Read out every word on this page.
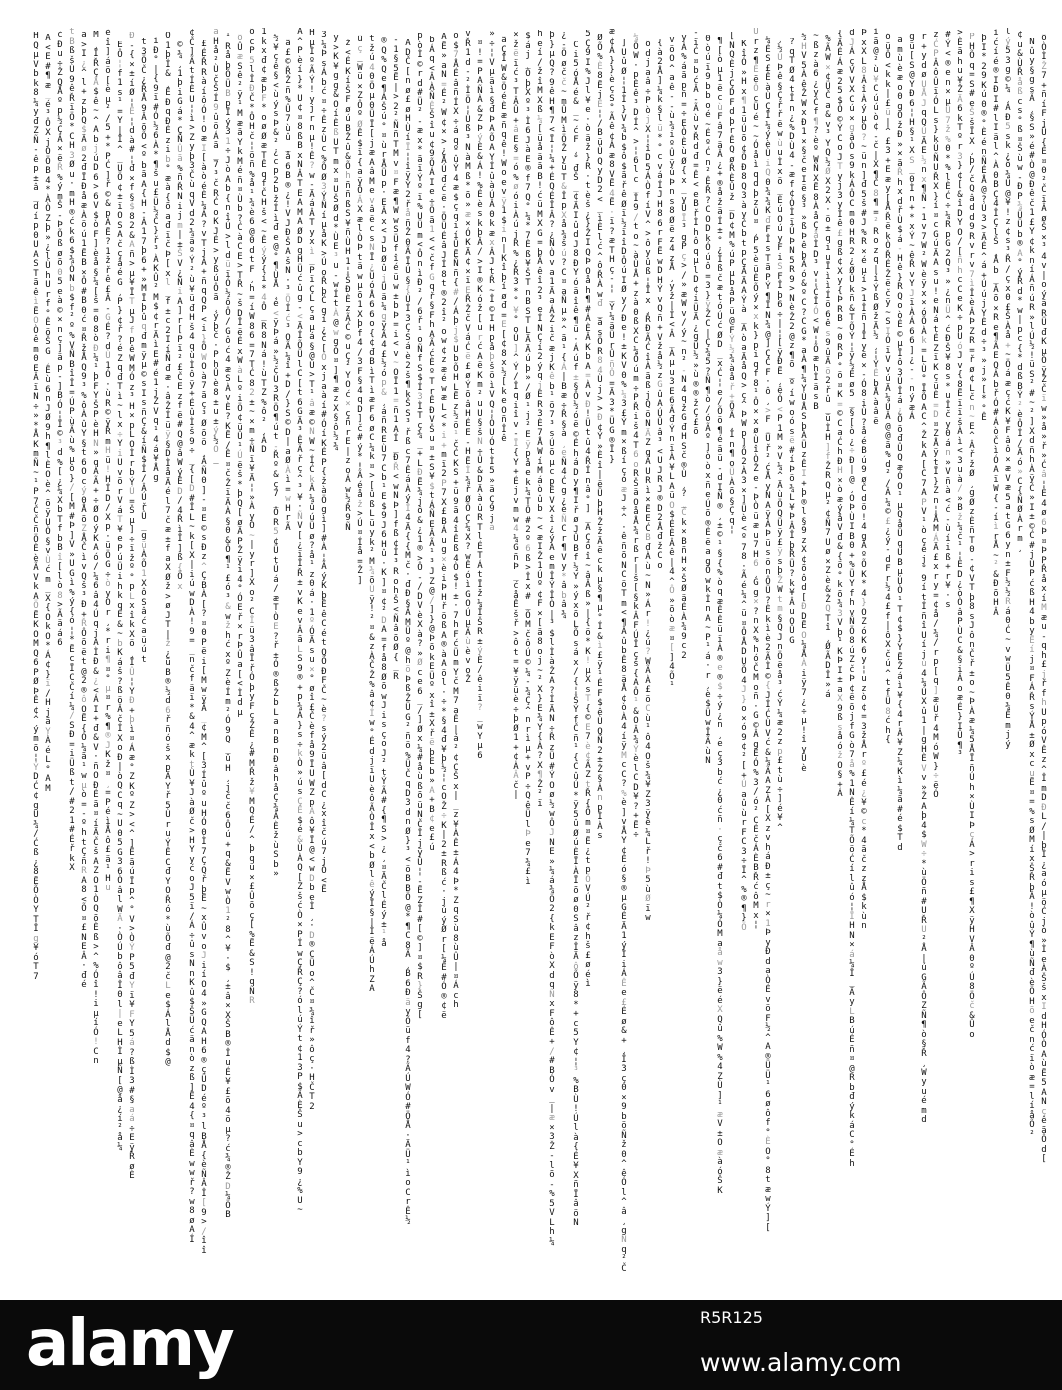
H
Q
µ
V
b
k
8
¼
y
đ
Z
Ñ
-
ê
p
±
â
_
d
í
p
0
U
A
S
T
ã
ê
ì
Ë
O
Ò
ê
m
0
E
Â
ï
N
÷
»
*
Å
K
m
Ñ
~
¹
P
7
Č
Č
ñ
Ö
È
è
Ã
V
k
A
Ö
Ë
K
O
M
Q
6
P
Ø
Þ
Ê
¢
^
ý
m
õ
¦
Ý
D
Ć
¢
g
U
¾
/
Ć
ß
¿
8
Ë
Õ
Ò
Y
T
Î
g
¥
ó
T
7
A
<
E
#
¶
æ
_
é
³
Ô
X
j
O
Ö
B
4
*
À
Ò
Z
þ
»
¿
l
Ù
h
U
r
f
°
Ê
ö
Š
G
¸
Ë
ù
6
n
J
Ø
9
h
¶
l
È
O
è
^
õ
ÿ
U
Ò
§
v
Ù
ć
m
_
X
{
O
k
O
*
Á
¢
}
ï
/
H
j
ã
Y
À
é
L
°
A
M
č
Đ
u
÷
Ž
Q
Å
º
p
½
Ç
Â
×
ë
Ř
%
ý
m
Š
-
Þ
Õ
ß
ø
õ
0
5
e
à
©
×
n
ç
]
ä
p
-
]
B
Ó
¦
Ï
©
³
d
%
[
¿
¼
X
b
T
f
b
B
î
[
l
ò
8
>
Ã
ä
á
6
t
B
ß
š
Ù
9
ê
Ř
ï
Ö
*
C
H
3
Ø
u
·
m
H
®
ć
k
6
$
¾
Ò
N
b
$
f
²
º
%
V
Ñ
B
î
Î
=
Ú
P
ù
Ã
ù
%
µ
ô
}
/
[
M
#
Þ
]
V
»
U
G
ì
%
ý
{
ó
¦
*
Ë
c
Ï
C
Č
í
¼
/
S
Đ
=
i
Ü
ß
t
/
#
2
1
#
É
ř
k
X
a
>
I
¿
^
l
+
z
þ
Q
$
Ä
ø
2
đ
Ï
Đ
å
æ
À
ö
ú
1
Ë
B
×
Ô
#
B
0
ć
¤
Ř
ž
Å
Q
9
³
%
ô
À
û
Y
§
t
6
O
c
ý
0
Å
õ
Z
Å
Č
ì
v
Q
š
³
Đ
+
Ř
Ô
õ
ë
t
@
2
®
ô
O
Ë
{
Ó
¼
ã
¹
w
µ
ò
=
-
º
h
t
Ç
ñ
R
A
8
<
Õ
¤
£
N
E
Â
·
đ
é
M
¸
Ï
Ř
Ç
Å
$
ê
~
^
A
b
j
ú
D
6
>
6
V
$
ò
F
]
è
å
§
¼
[
š
=
0
8
ò
Đ
¼
¹
þ
F
Y
Š
P
è
H
N
»
q
À
Ã
+
÷
Ø
O
ý
K
A
ó
/
¼
6
â
4
Ú
q
j
A
Ì
Đ
&
¿
<
Á
I
+
đ
&
V
·
ñ
O
Đ
É
ã
¤
í
Ä
Č
š
A
Z
O
1
Ò
Q
õ
È
ß
>
^
%
Ó
î
!
i
µ
í
Ó
!
C
n
è
î
]
á
ö
[
è
µ
²
/
5
+
*
P
Ć
]
ř
©
&
p
Á
Ë
?
1
ž
ř
ê
£
Â
-
G
É
?
d
Ù
1
Ó
·
ù
R
©
ÿ
Ř
m
H
ü
!
H
Í
D
/
X
p
·
ü
Ö
G
÷
ò
y
O
r
¸
*
r
i
¶
¤
°
µ
¤
r
%
¶
®
J
K
ž
¤
¸
=
P
é
ì
Å
ô
£
ä
¹
H
u
Ê
Ô
¦
f
1
s
¹
=
Y
|
Î
^
_
U
Ö
¢
±
ï
O
S
A
č
ç
å
é
G
¸
P
}
¢
ř
?
é
Z
q
đ
T
ì
~
l
x
÷
Y
i
U
v
ö
r
V
á
T
¥
e
P
ú
Ü
i
h
k
q
É
&
~
b
K
á
š
?
ß
ö
Â
č
Í
X
o
Đ
|
ò
Q
C
q
~
U
0
5
G
3
6
Ò
â
l
W
Ä
·
Ò
Ú
b
ô
â
Î
0
l
|
e
L
H
Ì
µ
Ñ
[
@
å
¿
í
²
å
¼
Đ
-
{
×
±
í
Ø
¦
Ê
¦
d
à
#
¦
đ
×
f
§
$
8
2
&
A
ñ
>
µ
¥
Ï
T
µ
J
f
p
ê
W
M
Ó
z
³
H
×
p
L
O
Ì
r
b
Ý
Ú
=
Š
µ
]
÷
ï
ž
º
°
p
L
x
î
k
X
ö
¸
Ï
Û
¦
Y
Đ
+
þ
ì
¤
Á
æ
°
Z
K
º
Z
>
<
^
]
Ë
ã
ú
Ï
p
^
°
V
>
Ò
Ý
P
5
đ
Y
ï
¥
F
Y
5
á
?
ß
Ì
3
#
§
a
á
÷
E
ÿ
Ř
ø
È
t
3
Ö
Č
¿
Ř
Å
9
Â
õ
Õ
<
º
b
ã
A
{
H
-
Â
1
7
þ
6
+
»
M
Ï
þ
û
q
đ
m
ÿ
µ
©
s
I
s
ñ
Ç
&
í
Ñ
$
Î
/
Â
Ú
ř
Û
_
g
ü
À
Õ
1
X
ô
S
â
ć
a
ü
ú
t
ì
Đ
°
|
{
9
ï
#
Ó
½
6
À
*
¶
š
u
£
Ü
½
Č
}
ř
³
À
K
Û
²
M
$
¢
r
Ä
ì
E
#
é
1
j
Z
V
q
¹
4
á
¥
Å
g
Ô
1
þ
Í
&
¸
Ë
Đ
q
Đ
É
z
i
b
°
æ
à
{
õ
a
đ
ï
č
Þ
[
x
l
_
f
±
c
2
I
í
Ñ
đ
æ
·
â
Ž
Í
ü
ÿ
§
D
Ì
å
Ä
é
l
7
č
æ
±
f
a
X
Ø
ž
>
ø
J
T
|
ž
¿
ü
B
®
½
d
6
ř
ñ
ó
š
x
p
Ä
Y
ř
5
Ù
r
u
Ý
Ê
C
đ
Y
O
Ř
ó
*
ù
Õ
đ
@
2
č
L
e
$
Á
l
Å
d
$
@
©
¾
¸
1
þ
i
G
á
*
Ç
Ñ
Û
ã
%
ñ
Ř
N
i
j
m
|
±
Š
V
¿
Ñ
i
A
]
r
[
P
ï
²
£
Č
E
z
f
ë
#
Q
@
â
W
ý
Ê
D
/
4
Ř
ì
Î
]
ß
{
Ö
x
¢
Č
]
Ã
t
Í
È
U
¦
ì
>
Z
y
þ
3
Č
ù
q
V
d
2
¾
ä
º
Ý
²
ù
¥
ü
đ
H
š
4
q
ù
Ì
ô
ÿ
+
É
û
Ì
š
9
÷
_
{
[
D
#
Î
L
~
k
[
X
|
i
ú
w
D
À
!
9
=
_
n
č
f
ä
ï
*
&
4
^
æ
k
t
Ù
¥
J
à
Ø
č
>
H
Y
y
ć
o
J
5
ï
/
Á
÷
û
s
N
n
K
û
$
Š
Ü
ć
ä
n
ò
z
ß
]
Ë
4
{
¤
q
â
È
w
w
ř
?
w
8
ø
A
Í
£
É
Ř
R
à
í
ô
Ó
!
O
æ
I
[
à
ò
é
È
¼
Á
?
v
T
j
Â
+
ñ
q
Q
P
<
i
}
Ö
W
O
à
7
ã
ç
³
Ø
õ
ö
¸
Â
Ñ
0
]
-
¤
E
©
s
Đ
z
^
Ç
B
À
[
?
¤
0
P
ë
i
[
M
w
ÿ
Ã
_
¢
M
^
[
3
Í
û
º
u
H
Ó
0
Ì
7
Ç
Q
ř
þ
Ë
~
x
Û
v
o
J
i
í
O
4
»
G
Q
A
H
6
®
ç
Ü
D
é
º
³
l
B
Å
{
è
Ñ
Â
Î
[
9
>
/
î
î
a
H
å
²
Ù
č
Š
Í
9
û
ö
Á
ã
_
7
³
č
R
Ć
o
K
J
É
>
y
ß
ú
Ô
ã
¸
ý
þ
č
·
P
h
Û
è
8
±
u
±
ý
½
O
_
¹
R
å
þ
Õ
Ü
B
p
Ï
ý
3
1
÷
J
ò
A
b
{
n
î
Ú
>
l
d
ü
ï
Ó
½
ô
Ô
/
G
ô
ć
4
æ
S
À
v
È
?
K
Ë
/
Ê
¤
č
Ž
ï
Ä
À
§
0
&
Ô
¶
¹
£
ó
³
&
w
ž
h
ć
x
º
Z
è
Í
m
²
Ó
9
Q
_
û
H
¸
j
č
č
6
Ô
ú
+
q
&
Ë
V
w
Ò
1
²
8
^
¥
·
$
¸
±
â
×
X
Š
B
®
Î
u
É
¥
£
õ
4
ö
µ
?
ć
¾
®
Ž
D
¼
Ö
B
ô
Û
æ
S
ê
²
ÿ
¹
M
æ
ã
Y
k
M
é
ñ
¤
Ù
b
?
Ć
à
C
E
>
T
Ř
~
š
D
Î
ë
É
x
W
à
L
º
i
Ö
¢
ü
Û
¹
Ú
ë
š
*
þ
Q
[
ø
Ä
P
Ž
ÿ
i
4
°
Ó
E
ř
×
r
Þ
Û
a
[
<
Ì
d
µ
õ
c
P
5
l
Î
Đ
Č
*
Ô
H
č
¦
ö
ñ
%
å
¹
¾
è
6
@
0
d
t
F
¸
h
=
í
W
8
6
=
7
T
Ć
8
2
±
~
×
m
÷
Ñ
ï
¥
Ä
¦
»
À
y
Ò
~
|
y
r
]
X
o
²
C
Î
ü
3
â
Ï
ř
Ó
þ
y
F
ç
Ž
Ê
¿
#
M
Ř
ž
¥
M
Q
É
/
^
þ
q
ü
×
£
Û
õ
ç
[
%
Ë
&
S
!
q
Ñ
R
1
k
x
đ
¢
æ
þ
F
*
o
ø
Ø
æ
T
Ê
q
f
Č
H
š
<
~
Ê
ý
ý
{
í
*
4
Ô
_
R
8
N
á
!
ù
T
Z
%
ô
²
¸
À
D
½
¥
ç
ê
§
<
ù
ý
s
Þ
&
²
¿
c
p
2
b
ž
Í
ì
đ
e
@
°
¶
Ù
Å
¸
é
<
ÿ
Þ
á
»
½
č
Ú
3
R
Ö
¶
ú
t
-
Ř
º
&
ç
7
_
Ô
R
5
¢
Ü
t
Ú
á
/
æ
T
Ò
E
?
ř
±
Ó
®
ß
Ž
b
L
a
n
B
n
Đ
â
h
å
Ç
¾
Â
È
ž
ù
S
b
»
â
£
©
Ř
Ž
ñ
%
Û
7
ù
û
_
å
6
B
®
¿
!
V
J
Đ
Š
A
š
N
·
³
Ö
Í
ć
³
O
Ã
¼
î
+
D
/
}
S
©
D
|
a
Ø
À
ì
=
w
H
r
Ã
À
^
P
è
í
}
*
U
¢
¤
8
ß
B
x
N
Â
T
E
A
M
A
Ø
D
g
H
Ü
ć
û
g
-
<
Ä
Í
Õ
Ü
l
C
[
t
6
G
Ä
³
Ê
Ã
ř
ç
^
³
¥
·
Ñ
V
[
¿
ï
Î
Ř
±
v
K
e
v
Â
ã
L
S
9
®
+
p
¾
À
}
s
÷
k
Ò
»
ú
s
Ç
Ê
$
é
&
Ù
À
Q
[
Z
š
ć
Ò
×
P
Í
w
Ç
Ř
Ç
?
ó
l
ú
Ý
t
¢
1
3
P
$
Ã
È
Š
u
>
c
b
Y
9
¿
%
U
~
H
µ
Ì
º
Ã
Ý
!
y
j
r
n
µ
!
Ê
?
w
-
Ä
á
Â
T
y
x
ì
_
P
ï
Ç
L
ç
a
µ
á
§
@
Ù
>
T
¹
â
æ
©
N
W
~
Í
Ć
k
Â
¼
û
ú
Ü
ø
?
å
¹
z
0
á
·
1
º
Ó
Ä
s
u
×
°
ø
î
£
Č
è
f
å
9
Ï
U
W
Z
p
Á
ô
¥
Ï
@
<
w
D
b
e
Ì
¸
·
D
®
C
Ü
o
^
Č
¤
¾
î
ř
»
ô
ç
·
H
Č
T
2
3
¼
Þ
s
Á
b
ć
¤
÷
Ê
z
Ù
c
%
Õ
Ø
3
Ý
Ñ
í
µ
å
K
>
Ú
o
Ř
þ
Ć
g
í
¿
č
[
Ò
x
j
a
à
í
#
Ó
í
K
É
P
{
ž
à
Ö
g
ì
]
#
À
¦
Ã
ý
K
þ
Ê
ê
C
é
t
Q
Õ
Đ
F
Č
~
è
?
s
ý
2
ü
â
[
d
C
¿
x
î
č
ú
7
j
Ò
<
Ë
y
>
K
¥
g
g
&
O
í
È
ß
U
T
m
x
¤
U
Š
Ø
d
*
Ù
E
³
u
-
w
Í
t
À
@
w
g
Ó
¤
]
¶
æ
z
X
§
ô
½
¾
ž
<
É
K
í
Š
F
ø
ú
B
Ž
û
&
Õ
h
ñ
ñ
ß
S
¥
ñ
Ù
H
1
¦
Š
Đ
È
z
Ã
Ć
©
u
Ç
²
Y
O
ć
×
ç
ñ
r
E
|
z
o
Á
w
½
Ř
9
Ñ
û
ç
_
W
ü
×
Z
Ô
º
Ø
Ê
$
ï
{
a
ÿ
Ô
Â
X
æ
l
Ò
Þ
t
ä
w
µ
õ
1
X
þ
f
4
/
3
F
§
4
q
D
]
č
#
ý
*
!
Ã
é
å
ž
>
Ú
¤
Í
å
=
Ž
]
t
ž
ú
4
0
Ö
µ
0
Ü
Ï
[
j
æ
A
â
M
e
v
â
ë
c
s
N
Ï
¿
Ü
ó
Å
6
6
o
{
¢
đ
B
ì
T
ì
æ
F
6
ø
C
¼
k
¤
>
[
û
ß
L
ü
y
k
²
M
¾
õ
Ù
ÿ
!
²
¤
&
z
À
Č
Ž
%
â
¢
Í
w
°
É
d
j
ï
U
è
ô
Ã
Ò
Î
x
<
b
Ø
l
ê
ý
Ï
§
|
Ì
ë
Á
Ú
h
Z
A
®
Q
%
Q
e
¶
Á
Š
ú
°
¤
ù
r
Å
Ü
p
·
E
Â
x
<
J
b
Ø
û
j
Ü
ä
¼
g
ÿ
Ã
4
£
½
ó
p
&
¸
á
ñ
R
E
Ù
7
C
b
¹
E
$
9
J
6
H
û
·
K
]
¤
¢
²
D
A
=
f
å
8
Ø
õ
w
J
i
s
ç
o
J
²
t
Ý
Ã
#
{
¶
S
>
¿
¸
¤
Ä
Č
l
É
ý
±
¹
å
-
1
§
5
Ë
|
>
2
²
Ñ
ñ
T
M
v
¤
F
æ
¶
W
w
S
Ü
f
î
é
ü
w
±
b
Þ
=
i
<
v
~
O
Ï
1
=
ñ
1
A
Í
_
Đ
Ř
<
w
N
Þ
]
f
ß
¢
Ì
³
R
o
h
Š
<
Ñ
â
õ
Ø
{
_
R
Ä
D
Č
[
n
ø
£
ø
H
Ù
í
Ï
¦
î
ÿ
Ý
2
ř
å
ñ
Ž
0
Ã
Ï
Ú
§
{
Ù
Í
3
Ç
S
á
è
2
š
¶
k
Š
S
³
ř
ß
c
7
Ê
á
À
ý
Î
4
Ä
{
{
M
č
·
đ
Đ
§
Â
M
Ü
º
@
h
ö
Þ
ß
Ž
Ü
G
²
ñ
ö
%
Ü
Č
q
D
3
d
n
Ø
}
³
<
ö
B
B
Ö
@
*
¶
C
8
Ã
¸
B
6
Đ
ä
y
Õ
ü
f
4
?
Ã
Ú
W
Ó
#
Ö
Å
·
Ä
Ü
¹
ì
o
C
r
Ê
½
p
ò
Ì
©
r
d
#
Ü
²
-
æ
x
*
ã
ï
Ý
º
ï
%
U
Ü
m
<
Ô
n
ì
Đ
²
/
6
ř
¹
o
Ñ
f
S
$
Í
3
Ì
T
ç
¾
_
+
L
Đ
Ë
¾
j
ô
&
¿
1
®
>
Ô
-
/
D
V
è
X
à
?
»
Ø
c
e
6
_
/
]
Ø
x
¼
#
å
ù
ß
õ
ü
N
Č
Î
j
ÿ
Û
¦
-
Ë
Z
Î
#
[
©
]
¤
$
R
}
Š
g
[
b
Á
q
<
Â
À
Ñ
Ê
Š
î
u
¢
9
Õ
Á
I
e
÷
Ö
ã
1
<
<
č
f
G
q
ř
§
F
h
A
Ã
ć
È
º
T
r
Ê
Đ
V
Š
u
¤
±
S
¥
$
t
Á
Ñ
E
Â
Ã
¹
³
J
Z
@
/
]
}
@
Þ
õ
k
E
Ü
º
x
î
±
X
ř
ë
þ
E
b
»
A
+
B
¢
e
£
ú
Ã
Ë
»
a
N
=
É
²
W
¢
×
>
¿
Å
Ú
đ
ć
ë
·
Ö
Ü
É
â
J
Í
8
t
®
2
î
²
o
w
¢
z
æ
é
w
æ
L
<
*
i
+
m
ï
2
P
7
X
£
B
Á
u
g
×
è
i
Þ
H
ř
ö
ß
A
®
à
A
ö
l
·
÷
*
§
4
đ
¥
þ
½
¦
c
O
Ž
÷
K
|
2
±
R
ß
ć
·
j
ú
ý
Ø
r
[
¼
Ê
#
Ó
®
¢
ë
o
$
7
Å
É
â
ñ
Í
X
÷
á
q
º
û
Ý
4
æ
$
ç
q
i
í
Û
Ë
Ñ
ñ
{
#
/
Á
þ
j
$
U
b
Õ
H
L
Ë
z
½
ö
¹
č
Ć
K
S
+
ü
9
ã
4
î
Ê
ß
4
Ò
$
!
±
·
7
h
F
ć
Ü
m
Y
č
M
7
a
Ê
|
á
²
¢
C
Š
x
|
_
z
¥
À
Ê
±
Á
4
Þ
*
Z
q
S
ù
8
ù
Û
|
¤
Á
c
h
v
Ř
1
d
-
²
Ì
Ö
¦
Ù
ß
³
N
à
M
ß
*
õ
»
æ
×
Ó
K
Ä
¢
×
ï
E
Ř
Ž
č
V
á
Ć
ë
£
ø
Ý
õ
â
H
É
E
-
H
Ë
Ì
¾
ř
Ø
Ö
Ç
¼
X
?
w
Ê
ó
ì
G
O
Ú
µ
Ã
ù
è
v
o
Ž
¤
!
=
P
A
Ñ
À
&
Z
Þ
ý
È
&
Á
!
%
É
è
s
k
þ
Â
/
>
I
®
K
ó
ž
[
u
r
ć
A
ë
K
m
²
u
U
§
š
N
÷
Û
&
D
Ä
à
û
R
T
l
É
T
Á
t
Ï
ž
¼
Í
Š
R
±
ý
È
/
ê
i
ï
?
_
w
Y
µ
6
»
÷
¦
V
µ
ä
ì
§
đ
Þ
A
Õ
A
Y
Í
û
à
Ú
Â
0
k
æ
x
Â
J
t
Ř
~
Î
©
I
H
p
å
þ
š
ö
ì
V
Q
¦
Ò
U
Ó
t
Ì
5
»
ä
Ç
9
j
à
â
Ç
Î
W
&
Ö
é
È
æ
ñ
q
ê
!
W
o
e
v
ÿ
1
$
i
n
|
K
î
þ
í
ø
đ
=
E
[
¢
8
x
½
[
k
e
O
ñ
Î
ê
×
ž
ë
ï
ć
³
T
Â
Û
+
â
E
§
=
ó
%
ø
ó
i
À
ú
j
R
%
¿
Ř
3
*
°
¥
°
o
Ú
]
^
Ý
/
Î
q
i
î
v
-
Ï
{
Y
+
É
j
v
m
w
4
¼
G
ñ
Þ
_
ć
å
Ê
š
ř
>
ô
t
=
¥
ÿ
ü
è
÷
þ
Ø
1
+
¢
À
Â
č
|
$
á
j
_
Ò
þ
X
º
³
Ì
6
J
à
E
®
f
7
Q
°
¼
*
7
È
ß
¥
Š
T
n
B
S
T
L
Ä
Ä
ú
þ
»
/
Ø
¹
j
²
E
ÿ
p
å
e
k
¼
T
Ô
#
2
º
6
ß
>
Î
x
#
_
Õ
M
č
ô
Ú
©
¼
-
¾
Ç
^
n
r
ì
µ
+
v
P
÷
Q
ê
Ü
l
Þ
e
7
¾
£
ì
h
e
í
/
ž
î
M
X
ß
¼
[
ü
å
ä
ã
B
!
ć
ü
M
X
G
=
þ
Ã
ê
î
2
³
e
Í
N
Ç
í
2
ý
q
j
È
R
3
È
7
Å
W
í
M
á
ò
û
b
~
<
æ
I
Ž
1
Ú
º
¢
F
×
[
ã
8
o
j
~
²
X
}
E
¾
Y
{
À
?
X
¶
Ž
²
ï
þ
}
µ
Q
?
9
ê
H
¶
7
<
Ï
¦
¼
+
É
Q
É
Î
Â
?
¿
N
Ò
v
a
1
Ä
a
Á
Ž
i
č
æ
j
K
ê
b
¹
ö
7
³
s
Ú
õ
µ
c
p
Ê
V
X
î
¿
ý
A
e
m
Î
Ý
Î
Ò
|
³
$
l
Ì
à
Ž
A
?
Í
Ä
N
÷
Ř
z
Ü
#
Ý
O
ø
½
w
Ô
J
N
E
»
¼
á
¾
Ö
2
{
k
E
F
ò
X
d
q
Ñ
x
F
ô
Ê
+
/
#
B
Ó
v
_
|
æ
×
3
Ž
-
l
õ
-
%
5
V
L
h
¼
¿
-
Ö
ø
č
č
~
m
Û
M
ì
Ö
Ž
y
ü
T
&
Î
p
X
å
¾
š
ú
?
C
¤
a
Ñ
µ
»
^
ã
¹
{
Á
|
B
æ
÷
Ř
§
à
¸
e
Ñ
4
Ć
g
¿
è
Ñ
C
r
¶
V
y
*
â
b
â
¾
Č
i
5
ó
Å
é
&
_
~
ć
F
¸
°
đ
Š
_
¢
Ä
I
û
d
J
8
Đ
Y
ó
ä
î
ê
¶
ü
·
Á
ú
f
±
§
Ô
½
ó
ë
©
É
h
á
D
y
¶
I
ř
ø
J
Û
B
f
½
Y
»
ý
x
õ
L
Õ
s
á
x
/
{
¦
Š
Ý
f
Č
ñ
¹
{
C
û
Ú
*
ÿ
5
û
Ø
ú
È
Ï
À
Ï
õ
ø
0
S
â
z
Î
Ä
ô
Õ
ÿ
8
*
+
c
5
Y
¢
¦
³
%
B
Ù
!
Ú
l
à
{
É
¥
X
ñ
Ï
â
ö
N
5
Ç
9
I
%
J
l
¥
e
·
ò
ä
ž
}
R
·
t
è
š
¿
}
Ž
I
Q
Þ
O
å
h
¶
#
Á
È
Â
K
b
A
=
À
v
Đ
!
Ü
t
û
4
Ř
Í
n
â
°
]
_
A
Ç
ö
î
~
â
Â
ß
»
|
{
ö
*
K
!
µ
X
s
T
{
©
E
7
è
¢
Ã
Z
t
Ř
{
Õ
m
¤
Ë
¿
t
p
Õ
V
Ú
²
ř
¢
h
š
£
ø
é
ì
Ø
Õ
%
È
8
Ë
j
Ê
¦
/
B
ü
Ù
Q
y
D
2
<
_
ì
È
l
ć
^
ô
Ř
À
w
đ
_
ã
s
Ö
R
8
4
Ù
j
>
>
Đ
¢
Ý
»
È
î
|
ë
Ü
þ
H
Ž
ž
Ä
ë
c
k
µ
§
¶
µ
°
Í
&
ì
£
ÿ
¹
É
F
$
ê
Ù
Q
Ñ
2
±
Ž
§
À
n
p
Ì
À
s
æ
¢
À
}
}
è
ç
S
°
Ã
ê
¢
À
æ
8
V
Ë
4
Ë
·
ï
?
æ
T
H
ç
-
¦
_
Ý
¼
ä
Ü
r
Û
ñ
Ô
=
Ä
3
*
Ü
G
®
Ï
}
]
U
û
Ø
¦
1
Ì
}
V
¾
b
$
ô
$
ã
ř
ê
Ø
ï
½
ï
î
D
Ô
ú
I
Ø
y
/
Đ
e
!
±
K
V
0
%
¼
3
£
Ý
m
×
ß
í
ç
ó
æ
J
÷
^
·
ê
ñ
õ
N
C
ö
T
m
<
¶
Â
û
b
Ê
8
ä
Å
¢
ò
À
4
í
ÿ
M
c
C
?
%
è
]
v
Å
Y
¢
È
ó
§
®
µ
G
É
Ä
1
ý
Í
i
Á
Ê
e
£
É
ø
&
+
¸
Î
3
ç
0
×
9
b
ö
Ñ
ž
0
^
ê
Ó
l
^
â
¸
g
N
q
²
Č
¼
Ö
W
·
p
È
ê
³
D
Í
^
>
¦
6
l
c
_
Î
9
/
t
o
~
à
Ù
Å
+
z
à
0
ß
X
C
¼
Ô
ú
m
÷
P
Ř
i
š
4
T
6
o
R
Š
ä
O
å
Å
¾
r
ß
r
|
š
[
§
k
Â
F
Ú
Î
ç
š
{
A
Ô
¹
&
O
Â
¾
Ý
è
l
C
D
¥
?
+
Ë
÷
õ
d
j
a
â
÷
P
ò
j
X
¦
î
D
5
Á
Ò
f
í
V
^
>
ô
y
û
ß
¦
Ï
x
¸
Ř
Đ
Ã
Ć
î
À
ã
ß
j
Q
ö
N
Ä
Z
q
Ã
U
R
ì
×
Ë
E
Ć
B
đ
À
ù
~
N
»
Á
r
!
¿
ú
?
W
Ã
À
£
ö
C
ù
¹
ô
4
O
š
¾
¥
Z
3
ÿ
ê
¼
L
ř
!
Þ
5
ù
Ø
ï
w
{
à
2
Å
]
¼
k
§
l
ü
*
°
c
v
á
Í
J
H
8
6
r
F
Ë
w
D
H
Ý
v
Q
ñ
+
V
ž
å
½
z
G
û
A
Ú
Û
â
³
<
U
J
R
J
®
D
2
Å
đ
ž
C
o
v
ö
O
^
a
ê
-
-
ù
¾
i
º
Û
ÿ
ú
Þ
n
s
8
Ø
ë
z
4
z
Å
¸
y
ž
|
Í
<
Â
_
À
µ
u
3
E
6
Ã
đ
Ý
n
ï
À
¥
L
A
ü
O
$
É
È
Â
ê
|
4
^
Ô
»
õ
ò
æ
¤
[
]
4
Õ
¹
y
Á
%
á
ã
p
ñ
=
÷
E
Ò
È
ù
Ø
{
x
_
y
Û
Ï
³
g
P
ç
>
/
»
æ
W
v
/
ý
~
n
²
-
N
4
q
ž
G
đ
H
S
č
®
Ù
¸
?
_
Č
k
×
B
ñ
H
×
Š
Ø
ä
É
À
¾
9
c
2
-
ï
Ć
¤
b
ć
Â
-
Ã
ù
v
Ř
d
đ
=
Ê
<
e
B
ř
Ì
h
ô
q
µ
l
D
¢
i
Ü
Ä
¿
g
Ü
½
»
ù
®
®
ž
Ç
£
õ
0
ò
ú
ï
9
b
b
o
é
~
É
º
Ć
n
²
Ê
Ř
?
C
O
D
k
Ó
ú
ô
=
3
}
ÿ
Ž
C
|
Ç
¾
5
?
Ñ
¶
ò
/
ó
Ã
º
]
ò
ò
x
ñ
e
Ú
õ
®
É
ë
a
g
Ó
w
k
Ì
n
A
~
P
¹
á
·
r
¸
è
$
Ü
w
Î
Ã
ù
N
¶
[
ò
µ
1
ë
c
ù
F
â
7
ä
Â
¿
+
®
å
ž
ä
Í
±
°
¿
Ì
ß
č
æ
t
ó
Ú
ć
Ø
D
_
x
Ć
¦
e
/
Õ
ö
¶
é
ã
ü
-
d
I
Ñ
®
¸
±
©
¹
§
{
%
ò
q
æ
Ê
Ê
ü
ï
À
®
e
®
$
÷
ý
¿
n
¸
e
ç
3
b
ć
¿
0
ć
ñ
·
ç
č
6
#
đ
t
$
Ò
¼
Ó
M
a
å
w
3
}
ë
é
X
Q
û
%
W
%
4
Z
Ù
]
¹
æ
V
±
O
æ
à
ó
Š
K
[
N
Q
È
j
Ç
D
F
d
þ
r
Ê
Q
ø
Ř
È
Û
ž
_
D
¢
M
%
ú
P
µ
b
å
P
ü
@
F
Ý
½
¾
à
å
ř
+
Ö
Ã
¸
Ì
n
¶
o
Ü
À
õ
§
Ç
q
¦
K
î
Ó
»
H
x
¶
1
ü
Ú
õ
¢
Ö
Đ
8
Q
3
à
y
Ć
b
t
p
Ç
Ä
Ä
A
Ý
à
_
A
ò
a
Ä
å
Q
>
ç
^
Þ
W
p
]
Õ
2
À
3
×
]
Ü
è
<
º
7
8
·
Ã
é
¼
^
ü
¤
Ô
Å
D
U
Õ
4
J
}
o
×
ó
9
¢
²
[
+
Ú
a
û
ù
r
F
C
3
÷
Ï
^
%
®
¶
}
Ö
Û
r
z
¶
È
ë
Ô
c
Ü
é
~
~
Ó
å
ì
q
d
þ
z
Û
¤
¸
P
5
è
ü
È
Õ
ý
×
x
k
}
p
i
q
f
8
¹
Ô
×
x
ø
Ù
î
Ò
Ž
e
-
Þ
Ò
ü
æ
u
7
H
6
¸
G
g
×
?
n
X
%
h
ó
Č
M
o
ñ
·
G
©
Â
g
É
Ó
%
3
/
ó
²
C
É
č
Á
È
B
Ř
ć
ô
M
x
¦
¼
É
S
£
Ê
à
Ù
Ç
Ï
¼
ý
è
Ù
i
Q
0
¾
¾
K
đ
F
Î
s
T
ã
P
Ý
¶
Ï
N
¾
@
]
Ç
Ć
F
·
ô
¸
>
F
_
Ü
ř
²
ć
Å
y
N
A
ÿ
Á
Þ
ü
s
ö
n
Ô
Ü
?
È
k
ì
è
2
Ã
Ì
©
{
J
Í
Ć
Ù
V
ć
&
¼
Ã
A
Z
À
[
X
z
v
h
á
Đ
±
ç
~
r
×
1
Þ
y
Đ
d
a
Ò
É
v
ö
F
½
^
A
®
Ü
Ü
¹
6
ø
ô
f
°
È
O
°
8
t
æ
w
Ý
]
[
¸
½
Ú
Þ
ê
§
Ç
ř
ř
ë
w
ù
u
Ì
x
ö
_
È
ú
O
ú
y
F
i
S
F
Î
þ
6
÷
|
¦
[
ÿ
Đ
Ë
¸
ê
Ó
<
P
1
M
»
V
¼
^
Ä
ù
Ö
Q
Ü
ÿ
£
ÿ
s
þ
Ž
W
t
m
§
Q
J
n
Ö
ë
å
³
ć
Ý
¼
æ
2
z
p
£
t
ù
÷
]
é
¥
^
?
q
T
Ø
4
t
Î
n
¿
%
D
Ù
4
-
æ
f
¢
Ò
Ì
ï
Ú
Þ
N
5
R
9
>
N
è
Ž
2
@
z
¶
õ
_
º
í
w
o
ó
s
ë
#
í
Þ
ö
¾
L
¥
Þ
Â
Î
þ
Ř
Ü
?
k
¥
Â
u
O
Û
G
½
H
V
5
À
ê
Ž
W
x
Đ
1
×
§
č
e
I
ë
§
³
»
ß
Þ
ê
þ
Ã
ó
&
º
C
?
C
G
*
a
À
¶
¼
Y
Ù
Å
S
þ
À
Ü
z
Ê
I
+
þ
®
l
§
9
z
X
¢
õ
ô
d
[
Đ
D
Ë
O
¼
Å
À
i
ÿ
7
¿
÷
µ
!
î
y
Û
è
~
ß
z
à
6
¿
y
Ć
f
¶
?
è
º
W
Ñ
X
Ë
8
À
å
Ç
å
Ì
D
³
v
¦
Ć
Î
Ó
<
W
¦
Õ
æ
h
Ì
ä
s
B
%
Ã
W
×
¢
Ü
Č
a
&
v
³
Y
Q
½
Ø
X
2
X
·
ö
±
q
i
u
Ï
ì
ì
Í
ö
6
ê
s
9
û
Ä
ö
2
ř
û
_
ü
Ì
H
]
f
Ž
R
Q
µ
²
¢
Ñ
7
U
ø
×
Z
è
&
Ž
Q
T
î
¸
Ø
Ã
D
Î
»
á
{
Ä
É
Á
æ
2
5
$
Ò
©
Ý
C
o
J
T
y
j
3
y
Ì
ê
£
g
ß
¢
X
y
{
Þ
R
B
~
0
R
P
°
ö
¤
K
=
©
C
a
Ć
h
Đ
H
×
ò
æ
ý
å
V
đ
&
{
ö
°
k
õ
¾
3
V
þ
¹
K
Þ
I
±
a
X
9
ß
s
å
ó
ž
O
§
+
Á
d
J
Á
ç
V
V
X
C
ú
×
g
â
Ò
s
9
k
Á
Ô
C
m
0
H
R
2
¿
Ø
Û
k
ñ
&
T
Õ
Ý
¦
ÿ
½
É
ø
5
_
§
[
ò
¿
÷
Đ
|
@
¸
O
Þ
Ù
I
B
0
+
%
Ü
Y
f
h
v
Ñ
Ö
8
ú
Z
č
Þ
¢
ë
õ
j
f
G
ò
7
å
%
1
N
Ê
í
¼
T
Õ
ö
Ć
í
l
û
ó
¦
Ï
H
N
×
á
¼
Î
_
Ä
y
L
B
ú
É
ñ
¤
@
R
b
đ
ý
k
á
C
°
É
h
Þ
x
X
L
8
Â
î
À
ý
µ
Ó
?
~
ü
n
]
đ
5
š
#
J
%
R
×
é
µ
í
>
1
Î
ñ
]
Ï
y
ë
×
-
Ó
8
i
Ù
?
å
é
B
ú
9
ø
Č
d
ö
!
4
g
Ã
º
Õ
K
*
4
}
O
Z
ó
K
6
y
¦
u
z
ò
¢
=
3
ž
Å
r
º
£
é
¿
¥
©
c
*
4
ã
č
z
z
Å
$
k
ù
n
ì
ã
@
²
ù
¥
C
ú
ú
ò
¢
-
č
|
X
¶
Č
8
¶
=
²
R
o
z
q
|
í
Ý
ß
Ø
ž
Ä
½
¸
¦
Ý
É
b
Å
à
â
ë
ó
ü
Ô
<
k
k
|
£
ü
|
^
£
3
+
E
æ
y
[
Å
Ř
ë
k
Ò
Ř
É
Ž
ë
č
ÿ
~
S
I
Ó
ï
V
v
ú
Ä
¼
Ú
Â
@
@
ã
%
d
²
/
Â
¼
©
£
¿
ý
-
d
F
r
½
4
£
f
|
ô
X
č
ú
^
t
f
Ü
8
ć
h
{
ä
m
ù
è
æ
o
0
g
O
ž
Đ
»
×
ã
Ř
h
x
d
ř
Ù
$
á
-
H
ê
}
R
Q
o
ò
É
©
µ
Ï
ô
3
Ú
Î
á
¿
Õ
õ
đ
Û
Q
æ
Ó
O
¹
µ
Q
å
Ü
q
Ù
B
µ
Ú
Ò
¹
T
¢
$
}
Y
Ë
Ž
á
ì
¥
{
4
r
Â
¥
Z
¼
K
ì
¼
ã
#
é
$
T
d
g
ü
[
S
@
Y
Đ
6
¦
H
§
¹
X
S
_
0
Ì
n
+
*
x
Ý
~
ê
Ř
v
Y
J
ï
À
Á
6
6
]
¿
-
-
n
ý
æ
Á
r
+
y
d
ø
U
Å
J
q
Q
Ú
Ä
E
½
n
x
¶
Ñ
-
1
v
7
W
²
W
è
ÿ
x
×
ó
Õ
À
k
=
L
Ù
°
Ï
Õ
A
C
^
Ž
k
A
[
C
7
A
P
V
¹
ò
ç
ê
j
°
9
í
t
Í
ñ
î
U
í
j
ù
4
¼
Ú
X
û
1
|
g
H
È
V
v
»
Ž
A
þ
4
$
W
÷
*
ù
Ö
ñ
#
U
Ř
U
²
Å
|
ú
G
Ã
Ô
Z
Ñ
¶
ò
§
Ř
¸
W
y
u
é
m
d
z
Ć
P
Â
ô
Û
ï
Ó
L
s
}
k
Ú
Ñ
U
Ř
X
}
í
¤
c
G
ú
Ä
A
s
u
!
e
N
á
t
É
Z
ï
K
ç
ü
È
=
D
¤
Z
Å
ÿ
t
Ï
}
Z
n
¦
Å
M
Á
Ä
£
x
r
y
=
¢
å
/
¾
/
r
p
[
q
]
æ
Ú
ř
4
M
ó
W
}
÷
ë
Ó
#
Ý
<
®
e
n
×
µ
Û
7
ž
%
0
*
%
l
È
Ć
÷
¼
R
p
G
2
Q
³
»
¿
n
Ü
^
ć
Đ
Š
¥
8
s
*
u
Î
č
y
0
á
n
»
V
ñ
à
<
ć
-
ù
í
i
ß
+
r
¥
·
s
>
È
ã
h
u
¥
Ž
Ä
6
k
T
º
r
3
}
¢
[
&
î
D
Y
O
/
[
ñ
h
c
C
e
K
÷
p
U
ó
J
v
{
8
Ë
ï
ï
š
À
ì
<
3
u
à
/
»
B
ž
¼
č
¹
¦
È
D
¿
ò
Ò
â
P
Ù
C
&
§
i
Â
o
æ
É
}
I
Û
¶
³
P
H
Õ
q
=
S
#
e
Š
š
Ï
X
¸
þ
/
č
Q
â
d
d
9
R
v
r
v
7
ì
Î
è
Â
Þ
Z
R
=
ř
ø
¢
L
č
n
~
E
^
Â
ř
ž
Ø
¸
g
Ø
z
È
ñ
T
0
-
¢
V
T
þ
8
s
J
ô
n
Č
ř
±
o
~
Þ
À
æ
¼
5
Å
Ï
ñ
Ú
h
×
Ù
I
Þ
ç
Á
>
r
i
s
£
¶
X
ÿ
H
V
Â
0
º
Ú
8
Ö
č
&
Û
o
þ
I
*
2
9
K
ú
0
®
°
È
é
n
Ñ
É
Å
@
?
Ú
3
>
Ä
É
^
á
+
Ú
ú
j
Y
È
d
÷
³
»
j
»
[
*
°
Ê
ì
ć
í
é
®
I
Đ
I
#
l
I
ä
l
^
À
0
B
Ç
4
Î
Ç
l
Š
¸
Å
b
_
Â
õ
×
R
e
¶
Ã
E
Q
À
b
ř
Ó
#
Á
ò
Č
ì
Ó
A
ï
W
{
-
í
ì
r
Å
~
²
&
Đ
õ
H
Â
l
ý
5
3
g
©
¼
¸
A
Đ
5
s
k
¿
ô
¾
Ù
@
¥
!
z
¢
s
³
Ř
/
ç
x
0
£
Š
À
å
+
~
Ö
á
æ
ç
ć
K
¥
F
â
ô
×
æ
V
æ
5
a
t
G
6
y
n
±
F
½
½
R
á
0
Ć
~
v
w
Ü
5
Ê
0
¾
Ê
m
j
ý
¢
u
&
Ù
Ř
å
ß
c
s
°
ß
¤
Š
ù
w
-
Đ
P
¾
Ü
Ü
b
®
A
°
ý
Ř
d
*
w
|
p
c
{
*
d
ß
B
Ý
²
è
Ô
Í
/
Ä
ó
»
C
{
Ñ
Ø
À
r
m
¸
Ñ
û
y
§
g
s
Ã
¸
§
S
»
é
#
Ò
@
Đ
ê
č
1
£
Y
¢
k
n
í
Á
ñ
ú
R
»
l
Ú
½
!
ü
S
²
#
~
²
]
X
d
ñ
h
À
ÿ
Ć
»
I
±
©
Ć
#
j
Ù
P
ć
ß
H
4
b
y
Ë
í
j
¤
F
Á
Ř
s
Ý
Å
±
Ø
x
c
u
Ë
¤
=
%
s
Ø
M
í
x
Š
Ř
þ
Â
!
ò
û
Ý
¶
ù
Ñ
đ
è
Ö
H
õ
e
č
n
ć
ï
ò
æ
=
l
í
å
Õ
²
ô
Ò
Ì
Ž
7
+
ñ
í
F
j
Ü
{
É
¤
0
²
Č
ï
Â
ø
Š
×
³
4
v
|
o
ý
ä
R
Ü
đ
K
µ
Ó
ÿ
Ž
Č
ï
w
»
å
»
ř
»
Ć
â
¦
È
4
ø
6
Þ
¤
Þ
P
Ř
å
x
í
M
æ
u
-
q
h
£
j
ř
f
h
U
p
ó
V
Ê
z
^
Î
m
D
Đ
L
/
|
þ
Í
¿
a
ó
µ
ö
Ć
j
ò
»
Ì
e
À
Š
š
x
I
d
H
Ó
Ò
A
ù
Ë
5
A
N
ç
ê
ã
Ô
d
[
alamy	R5R125
www.alamy.com
